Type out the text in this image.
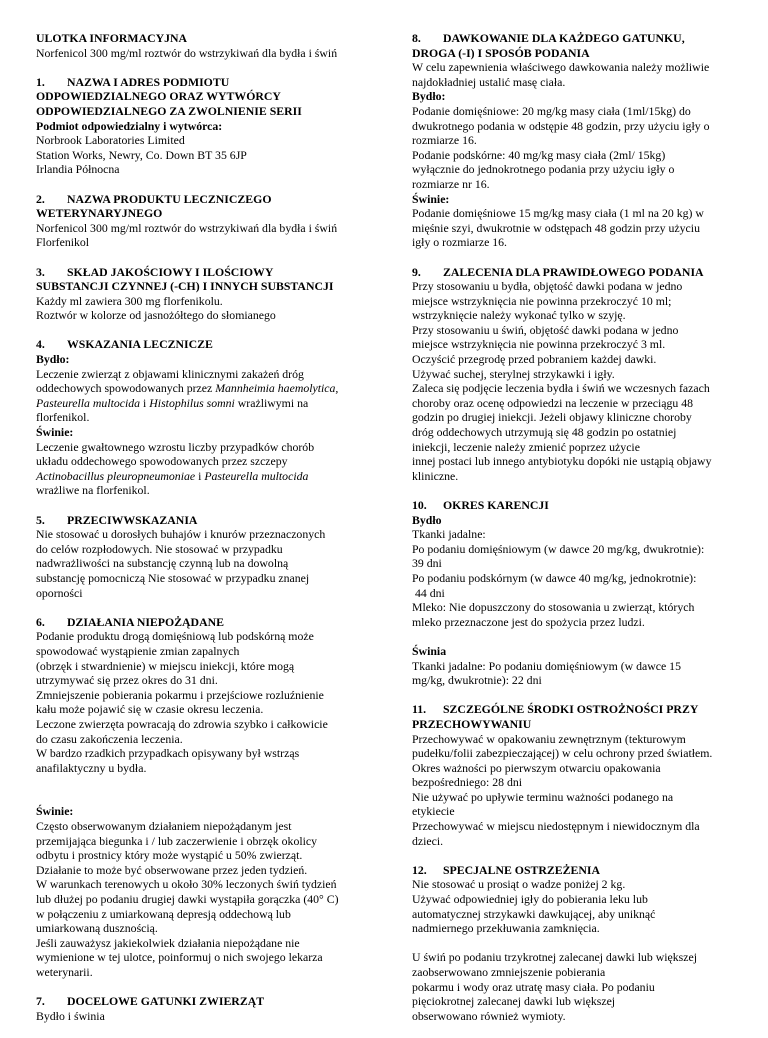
ULOTKA INFORMACYJNA
Norfenicol 300 mg/ml roztwór do wstrzykiwań dla bydła i świń
1. NAZWA I ADRES PODMIOTU
ODPOWIEDZIALNEGO ORAZ WYTWÓRCY
ODPOWIEDZIALNEGO ZA ZWOLNIENIE SERII
Podmiot odpowiedzialny i wytwórca:
Norbrook Laboratories Limited
Station Works, Newry, Co. Down BT 35 6JP
Irlandia Północna
2. NAZWA PRODUKTU LECZNICZEGO
WETERYNARYJNEGO
Norfenicol 300 mg/ml roztwór do wstrzykiwań dla bydła i świń
Florfenikol
3. SKŁAD JAKOŚCIOWY I ILOŚCIOWY
SUBSTANCJI CZYNNEJ (-CH) I INNYCH SUBSTANCJI
Każdy ml zawiera 300 mg florfenikolu.
Roztwór w kolorze od jasnożółtego do słomianego
4. WSKAZANIA LECZNICZE
Bydło:
Leczenie zwierząt z objawami klinicznymi zakażeń dróg
oddechowych spowodowanych przez Mannheimia haemolytica,
Pasteurella multocida i Histophilus somni wrażliwymi na
florfenikol.
Świnie:
Leczenie gwałtownego wzrostu liczby przypadków chorób
układu oddechowego spowodowanych przez szczepy
Actinobacillus pleuropneumoniae i Pasteurella multocida
wrażliwe na florfenikol.
5. PRZECIWWSKAZANIA
Nie stosować u dorosłych buhajów i knurów przeznaczonych
do celów rozpłodowych. Nie stosować w przypadku
nadwrażliwości na substancję czynną lub na dowolną
substancję pomocniczą Nie stosować w przypadku znanej
oporności
6. DZIAŁANIA NIEPOŻĄDANE
Podanie produktu drogą domięśniową lub podskórną może
spowodować wystąpienie zmian zapalnych
(obrzęk i stwardnienie) w miejscu iniekcji, które mogą
utrzymywać się przez okres do 31 dni.
Zmniejszenie pobierania pokarmu i przejściowe rozluźnienie
kału może pojawić się w czasie okresu leczenia.
Leczone zwierzęta powracają do zdrowia szybko i całkowicie
do czasu zakończenia leczenia.
W bardzo rzadkich przypadkach opisywany był wstrząs
anafilaktyczny u bydła.
Świnie:
Często obserwowanym działaniem niepożądanym jest
przemijająca biegunka i / lub zaczerwienie i obrzęk okolicy
odbytu i prostnicy który może wystąpić u 50% zwierząt.
Działanie to może być obserwowane przez jeden tydzień.
W warunkach terenowych u około 30% leczonych świń tydzień
lub dłużej po podaniu drugiej dawki wystąpiła gorączka (40° C)
w połączeniu z umiarkowaną depresją oddechową lub
umiarkowaną dusznością.
Jeśli zauważysz jakiekolwiek działania niepożądane nie
wymienione w tej ulotce, poinformuj o nich swojego lekarza
weterynarii.
7. DOCELOWE GATUNKI ZWIERZĄT
Bydło i świnia
8. DAWKOWANIE DLA KAŻDEGO GATUNKU,
DROGA (-I) I SPOSÓB PODANIA
W celu zapewnienia właściwego dawkowania należy możliwie
najdokładniej ustalić masę ciała.
Bydło:
Podanie domięśniowe: 20 mg/kg masy ciała (1ml/15kg) do
dwukrotnego podania w odstępie 48 godzin, przy użyciu igły o
rozmiarze 16.
Podanie podskórne: 40 mg/kg masy ciała (2ml/ 15kg)
wyłącznie do jednokrotnego podania przy użyciu igły o
rozmiarze nr 16.
Świnie:
Podanie domięśniowe 15 mg/kg masy ciała (1 ml na 20 kg) w
mięśnie szyi, dwukrotnie w odstępach 48 godzin przy użyciu
igły o rozmiarze 16.
9. ZALECENIA DLA PRAWIDŁOWEGO PODANIA
Przy stosowaniu u bydła, objętość dawki podana w jedno
miejsce wstrzyknięcia nie powinna przekroczyć 10 ml;
wstrzyknięcie należy wykonać tylko w szyję.
Przy stosowaniu u świń, objętość dawki podana w jedno
miejsce wstrzyknięcia nie powinna przekroczyć 3 ml.
Oczyścić przegrodę przed pobraniem każdej dawki.
Używać suchej, sterylnej strzykawki i igły.
Zaleca się podjęcie leczenia bydła i świń we wczesnych fazach
choroby oraz ocenę odpowiedzi na leczenie w przeciągu 48
godzin po drugiej iniekcji. Jeżeli objawy kliniczne choroby
dróg oddechowych utrzymują się 48 godzin po ostatniej
iniekcji, leczenie należy zmienić poprzez użycie
innej postaci lub innego antybiotyku dopóki nie ustąpią objawy
kliniczne.
10. OKRES KARENCJI
Bydło
Tkanki jadalne:
Po podaniu domięśniowym (w dawce 20 mg/kg, dwukrotnie):
39 dni
Po podaniu podskórnym (w dawce 40 mg/kg, jednokrotnie):
44 dni
Mleko: Nie dopuszczony do stosowania u zwierząt, których
mleko przeznaczone jest do spożycia przez ludzi.
Świnia
Tkanki jadalne: Po podaniu domięśniowym (w dawce 15
mg/kg, dwukrotnie): 22 dni
11. SZCZEGÓLNE ŚRODKI OSTROŻNOŚCI PRZY
PRZECHOWYWANIU
Przechowywać w opakowaniu zewnętrznym (tekturowym
pudełku/folii zabezpieczającej) w celu ochrony przed światłem.
Okres ważności po pierwszym otwarciu opakowania
bezpośredniego: 28 dni
Nie używać po upływie terminu ważności podanego na
etykiecie
Przechowywać w miejscu niedostępnym i niewidocznym dla
dzieci.
12. SPECJALNE OSTRZEŻENIA
Nie stosować u prosiąt o wadze poniżej 2 kg.
Używać odpowiedniej igły do pobierania leku lub
automatycznej strzykawki dawkującej, aby uniknąć
nadmiernego przekłuwania zamknięcia.
U świń po podaniu trzykrotnej zalecanej dawki lub większej
zaobserwowano zmniejszenie pobierania
pokarmu i wody oraz utratę masy ciała. Po podaniu
pięciokrotnej zalecanej dawki lub większej
obserwowano również wymioty.
